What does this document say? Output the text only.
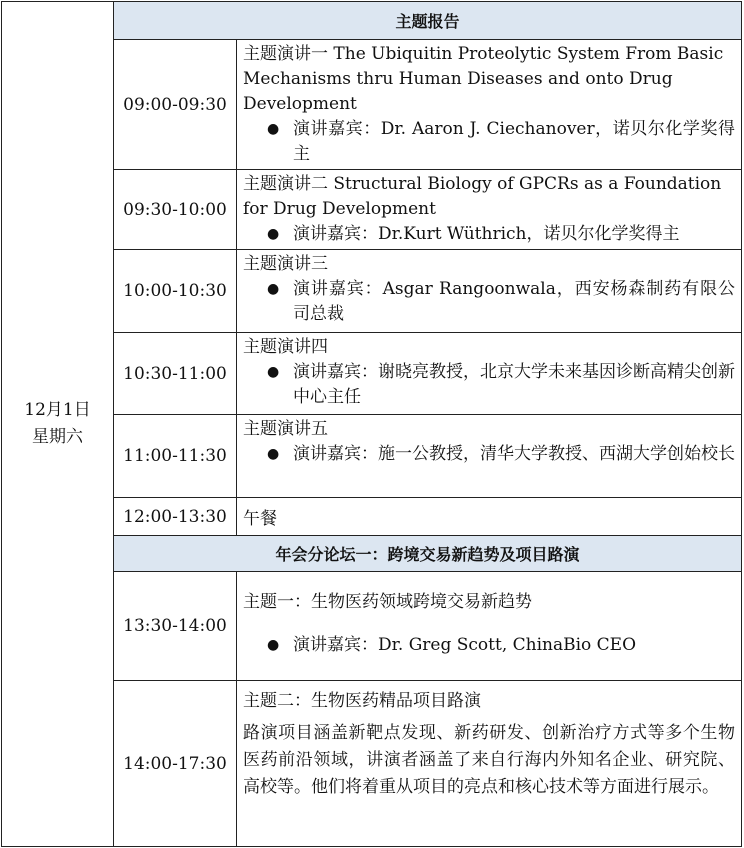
12月1日
星期六	主题报告	
	09:00-09:30	主题演讲一 The Ubiquitin Proteolytic System From Basic Mechanisms thru Human Diseases and onto Drug Development
● 演讲嘉宾：Dr. Aaron J. Ciechanover，诺贝尔化学奖得主

	09:30-10:00	主题演讲二 Structural Biology of GPCRs as a Foundation for Drug Development
● 演讲嘉宾：Dr.Kurt Wüthrich，诺贝尔化学奖得主

	10:00-10:30	主题演讲三
● 演讲嘉宾：Asgar Rangoonwala，西安杨森制药有限公司总裁

	10:30-11:00	主题演讲四
● 演讲嘉宾：谢晓亮教授，北京大学未来基因诊断高精尖创新中心主任

	11:00-11:30	主题演讲五
● 演讲嘉宾：施一公教授，清华大学教授、西湖大学创始校长

	12:00-13:30	午餐
	年会分论坛一：跨境交易新趋势及项目路演	
	13:30-14:00	主题一：生物医药领域跨境交易新趋势
● 演讲嘉宾：Dr. Greg Scott, ChinaBio CEO

	14:00-17:30	主题二：生物医药精品项目路演
路演项目涵盖新靶点发现、新药研发、创新治疗方式等多个生物医药前沿领域，讲演者涵盖了来自行海内外知名企业、研究院、高校等。他们将着重从项目的亮点和核心技术等方面进行展示。
